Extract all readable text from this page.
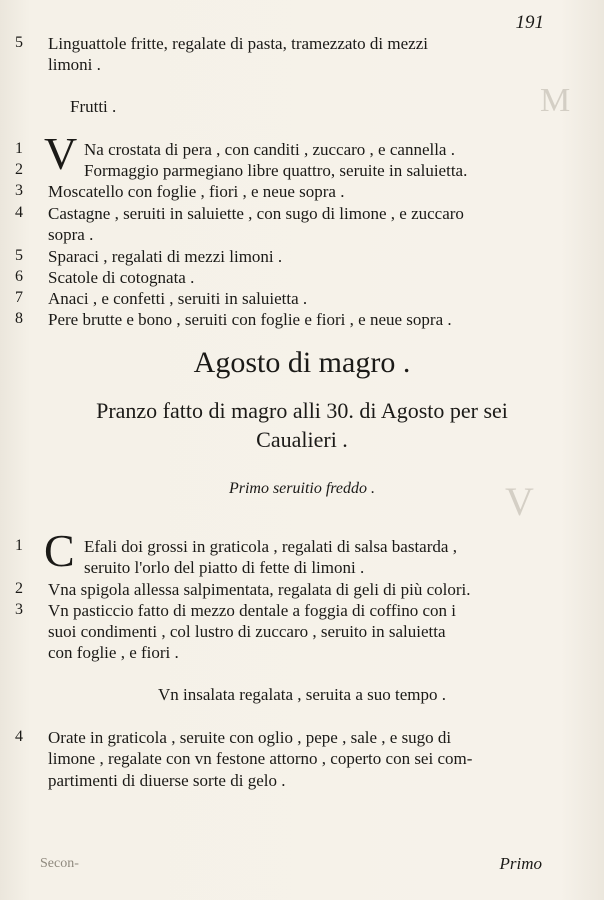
M
V
191
5 Linguattole fritte, regalate di pasta, tramezzato di mezzi
limoni .
Frutti .
V
1	Na crostata di pera , con canditi , zuccaro , e cannella .
2	Formaggio parmegiano libre quattro, seruite in saluietta.
3 Moscatello con foglie , fiori , e neue sopra .
4 Castagne , seruiti in saluiette , con sugo di limone , e zuccaro
sopra .
5 Sparaci , regalati di mezzi limoni .
6 Scatole di cotognata .
7 Anaci , e confetti , seruiti in saluietta .
8 Pere brutte e bono , seruiti con foglie e fiori , e neue sopra .
Agosto di magro .
Pranzo fatto di magro alli 30. di Agosto per sei
Caualieri .
Primo seruitio freddo .
C
1	Efali doi grossi in graticola , regalati di salsa bastarda ,
seruito l'orlo del piatto di fette di limoni .
2 Vna spigola allessa salpimentata, regalata di geli di più colori.
3 Vn pasticcio fatto di mezzo dentale a foggia di coffino con i
suoi condimenti , col lustro di zuccaro , seruito in saluietta
con foglie , e fiori .
Vn insalata regalata , seruita a suo tempo .
4 Orate in graticola , seruite con oglio , pepe , sale , e sugo di
limone , regalate con vn festone attorno , coperto con sei com-
partimenti di diuerse sorte di gelo .
Secon-	Primo
